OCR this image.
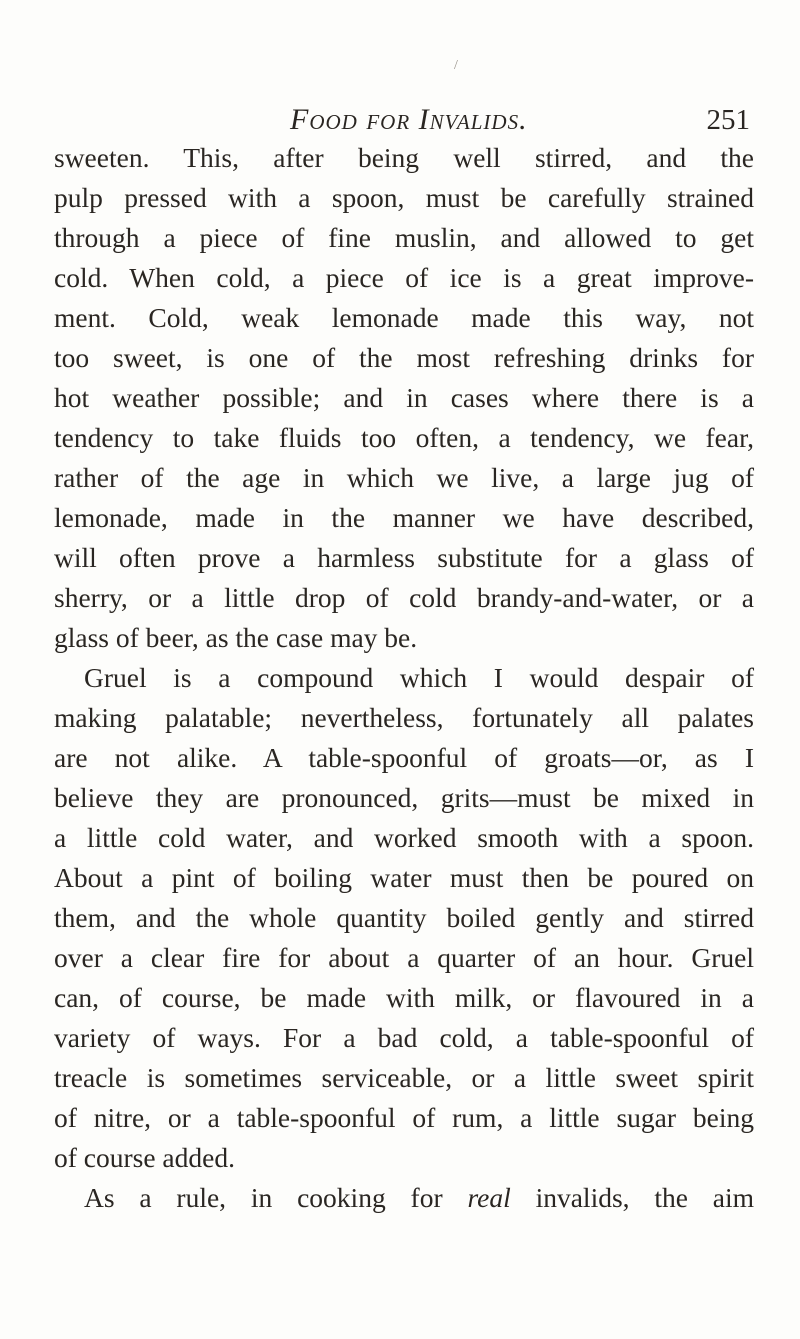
/
Food for Invalids.	251
sweeten. This, after being well stirred, and the
pulp pressed with a spoon, must be carefully strained
through a piece of fine muslin, and allowed to get
cold. When cold, a piece of ice is a great improve-
ment. Cold, weak lemonade made this way, not
too sweet, is one of the most refreshing drinks for
hot weather possible; and in cases where there is a
tendency to take fluids too often, a tendency, we fear,
rather of the age in which we live, a large jug of
lemonade, made in the manner we have described,
will often prove a harmless substitute for a glass of
sherry, or a little drop of cold brandy-and-water, or a
glass of beer, as the case may be.
Gruel is a compound which I would despair of
making palatable; nevertheless, fortunately all palates
are not alike. A table-spoonful of groats—or, as I
believe they are pronounced, grits—must be mixed in
a little cold water, and worked smooth with a spoon.
About a pint of boiling water must then be poured on
them, and the whole quantity boiled gently and stirred
over a clear fire for about a quarter of an hour. Gruel
can, of course, be made with milk, or flavoured in a
variety of ways. For a bad cold, a table-spoonful of
treacle is sometimes serviceable, or a little sweet spirit
of nitre, or a table-spoonful of rum, a little sugar being
of course added.
As a rule, in cooking for real invalids, the aim
